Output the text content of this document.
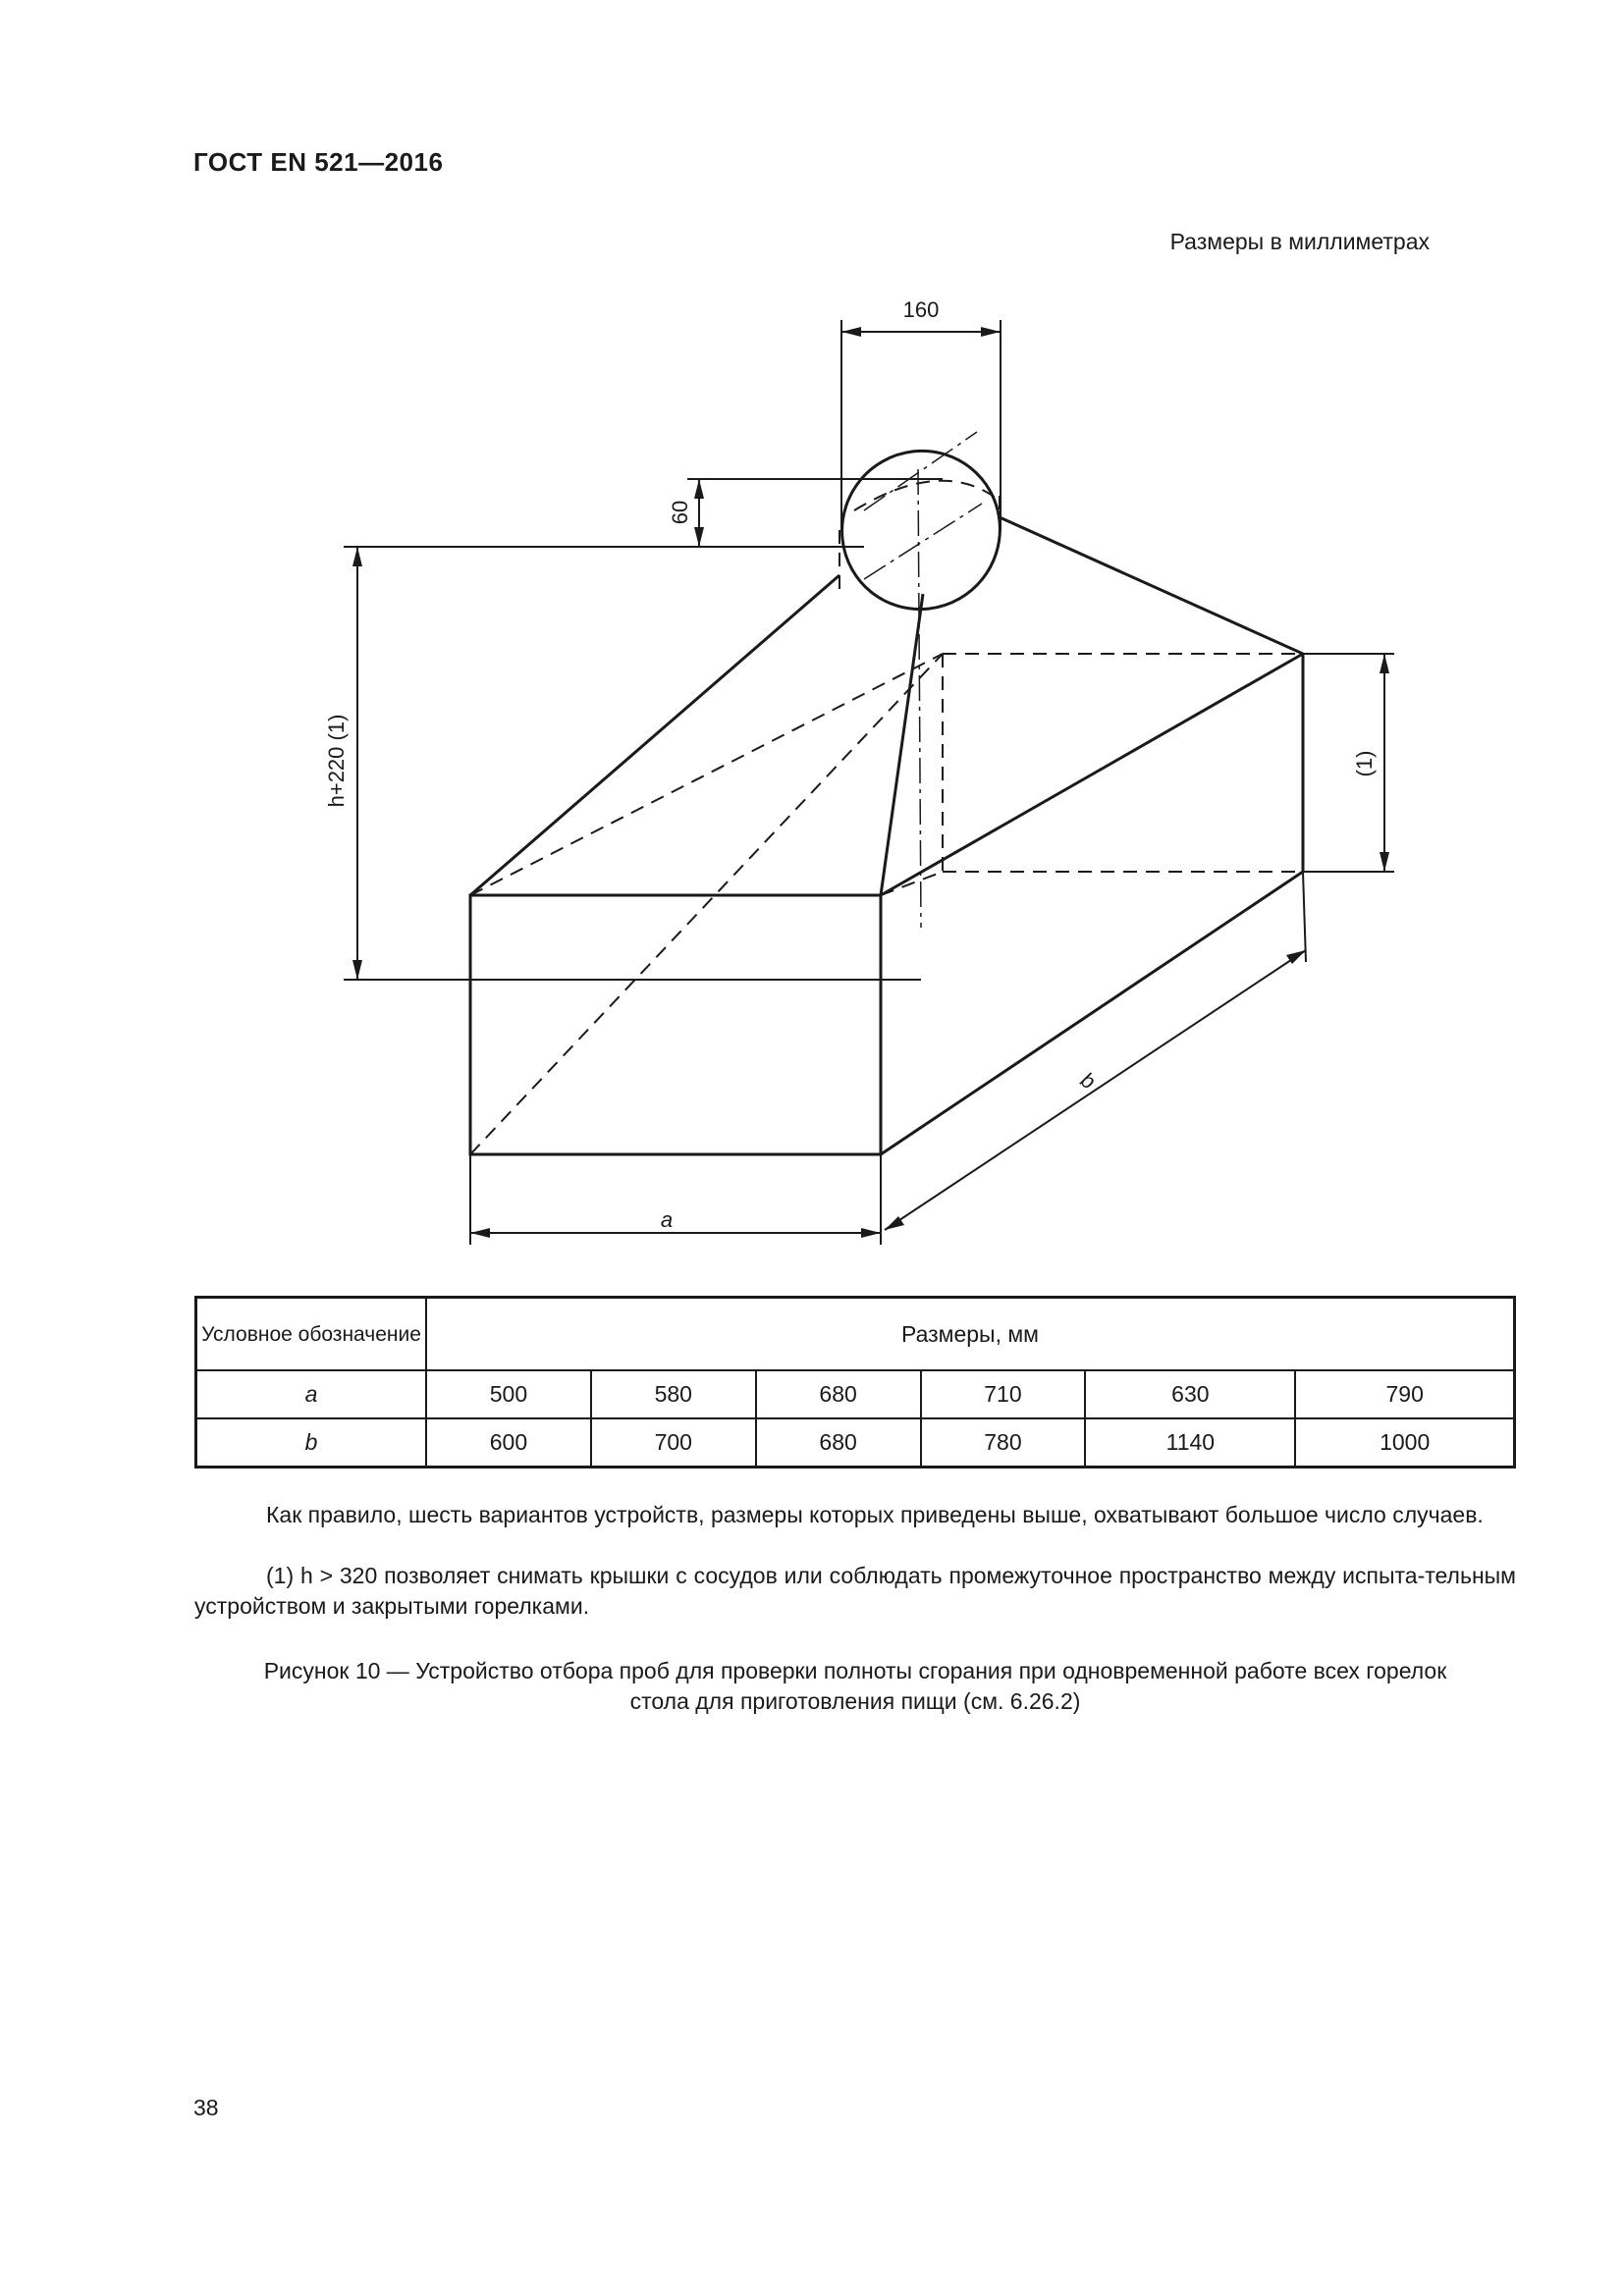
ГОСТ EN 521—2016
Размеры в миллиметрах
160
60
h+220 (1)	(1)
a
b
Условное обозначение	Размеры, мм					
a	500	580	680	710	630	790
b	600	700	680	780	1140	1000
Как правило, шесть вариантов устройств, размеры которых приведены выше, охватывают большое число случаев.
(1) h > 320 позволяет снимать крышки с сосудов или соблюдать промежуточное пространство между испыта-тельным устройством и закрытыми горелками.
Рисунок 10 — Устройство отбора проб для проверки полноты сгорания при одновременной работе всех горелок
стола для приготовления пищи (см. 6.26.2)
38
